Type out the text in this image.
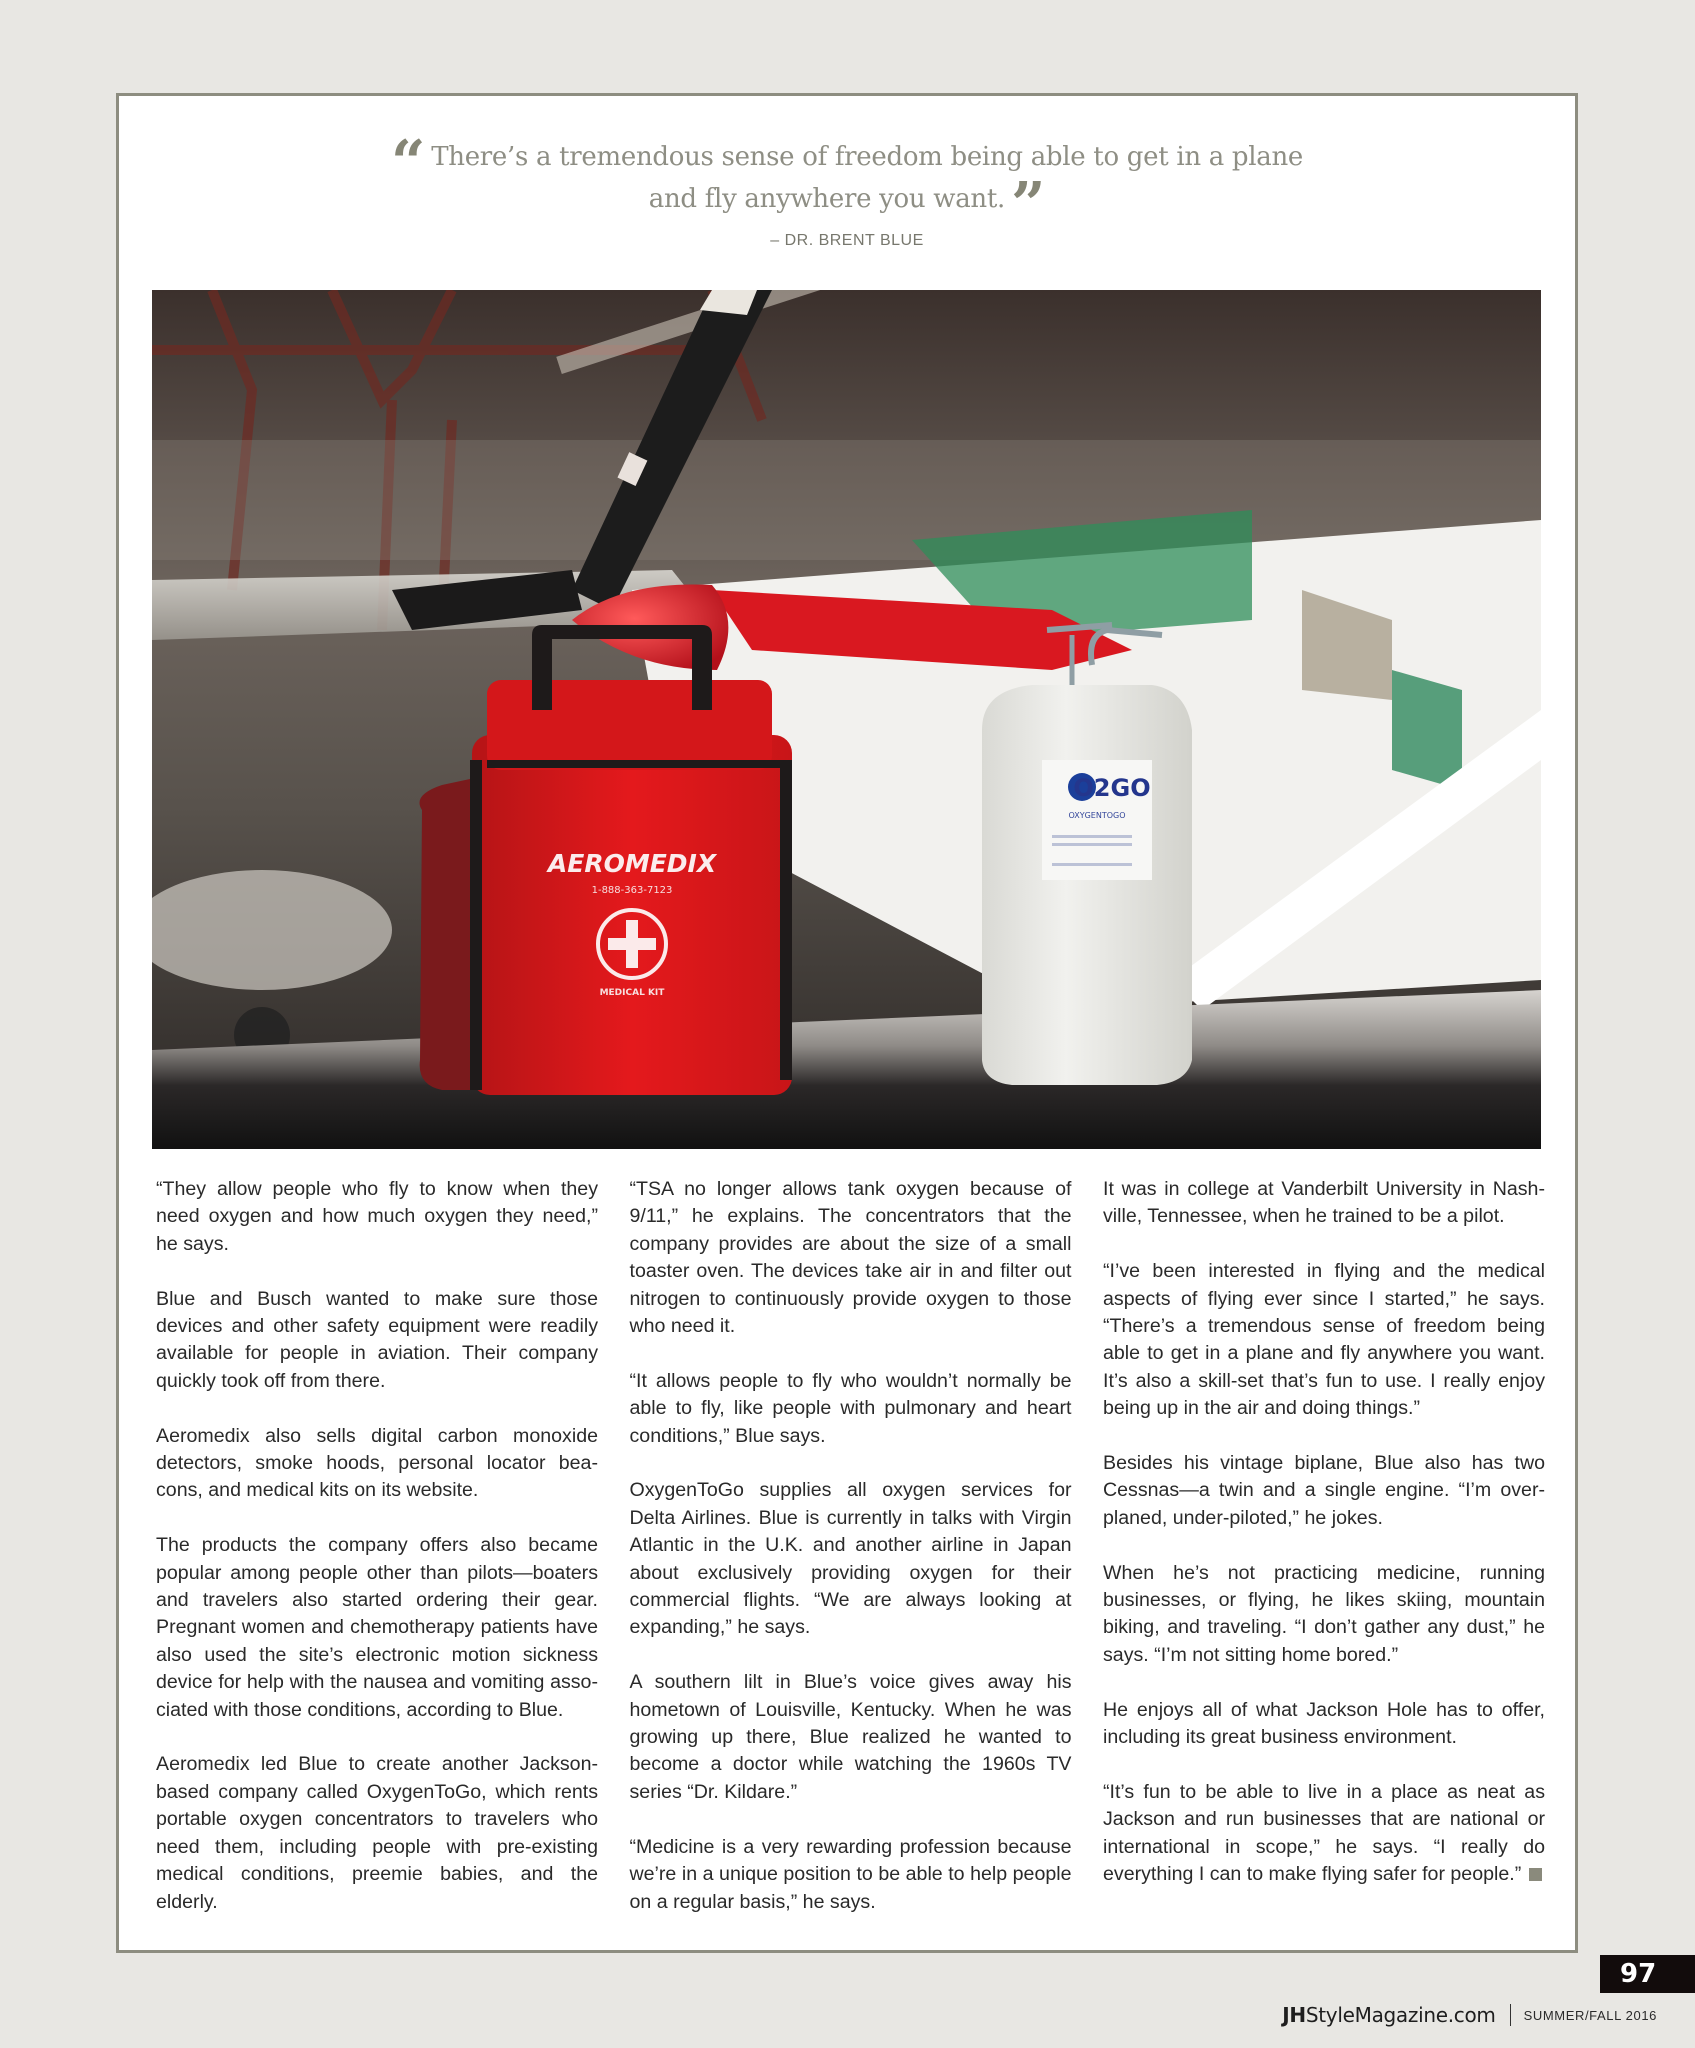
“ There’s a tremendous sense of freedom being able to get in a plane and fly anywhere you want. ”
– DR. BRENT BLUE
AEROMEDIX
1-888-363-7123
MEDICAL KIT
O2GO
OXYGENTOGO

“They allow people who fly to know when they need oxygen and how much oxygen they need,” he says.

Blue and Busch wanted to make sure those devices and other safety equipment were readily available for people in aviation. Their company quickly took off from there.

Aeromedix also sells digital carbon monoxide detectors, smoke hoods, personal locator beacons, and medical kits on its website.

The products the company offers also became popular among people other than pilots—boaters and travelers also started ordering their gear. Pregnant women and chemotherapy patients have also used the site’s electronic motion sickness device for help with the nausea and vomiting associated with those conditions, according to Blue.

Aeromedix led Blue to create another Jackson-based company called OxygenToGo, which rents portable oxygen concentrators to travelers who need them, including people with pre-existing medical conditions, preemie babies, and the elderly.

“TSA no longer allows tank oxygen because of 9/11,” he explains. The concentrators that the company provides are about the size of a small toaster oven. The devices take air in and filter out nitrogen to continuously provide oxygen to those who need it.

“It allows people to fly who wouldn’t normally be able to fly, like people with pulmonary and heart conditions,” Blue says.

OxygenToGo supplies all oxygen services for Delta Airlines. Blue is currently in talks with Virgin Atlantic in the U.K. and another airline in Japan about exclusively providing oxygen for their commercial flights. “We are always looking at expanding,” he says.

A southern lilt in Blue’s voice gives away his hometown of Louisville, Kentucky. When he was growing up there, Blue realized he wanted to become a doctor while watching the 1960s TV series “Dr. Kildare.”

“Medicine is a very rewarding profession because we’re in a unique position to be able to help people on a regular basis,” he says.

It was in college at Vanderbilt University in Nashville, Tennessee, when he trained to be a pilot.

“I’ve been interested in flying and the medical aspects of flying ever since I started,” he says. “There’s a tremendous sense of freedom being able to get in a plane and fly anywhere you want. It’s also a skill-set that’s fun to use. I really enjoy being up in the air and doing things.”

Besides his vintage biplane, Blue also has two Cessnas—a twin and a single engine. “I’m over-planed, under-piloted,” he jokes.

When he’s not practicing medicine, running businesses, or flying, he likes skiing, mountain biking, and traveling. “I don’t gather any dust,” he says. “I’m not sitting home bored.”

He enjoys all of what Jackson Hole has to offer, including its great business environment.

“It’s fun to be able to live in a place as neat as Jackson and run businesses that are national or international in scope,” he says. “I really do everything I can to make flying safer for people.”

97
JHStyleMagazine.com SUMMER/FALL 2016
